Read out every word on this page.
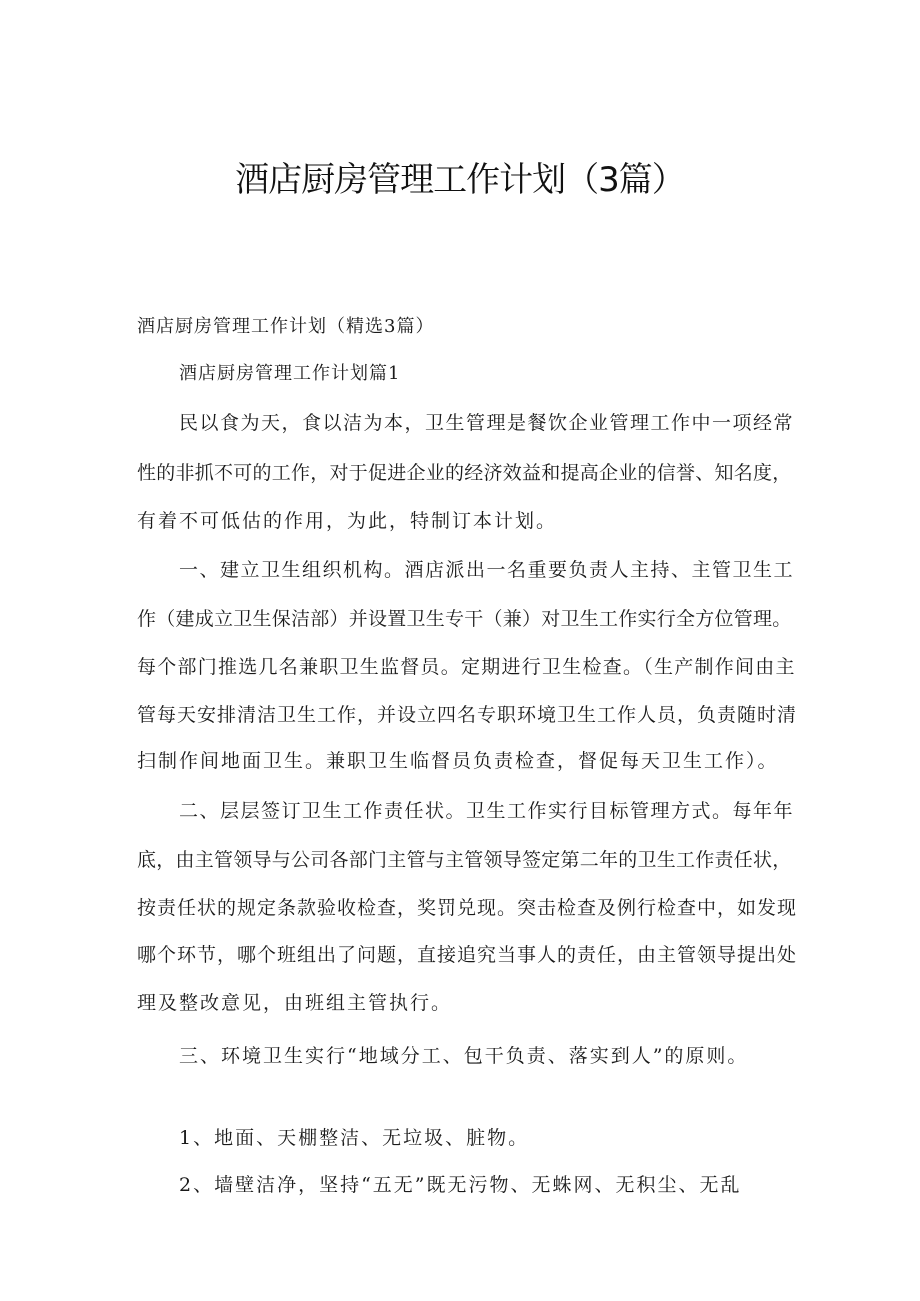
酒店厨房管理工作计划（3篇）
酒店厨房管理工作计划（精选3篇）
酒店厨房管理工作计划篇1
民以食为天，食以洁为本，卫生管理是餐饮企业管理工作中一项经常
性的非抓不可的工作，对于促进企业的经济效益和提高企业的信誉、知名度，
有着不可低估的作用，为此，特制订本计划。
一、建立卫生组织机构。酒店派出一名重要负责人主持、主管卫生工
作（建成立卫生保洁部）并设置卫生专干（兼）对卫生工作实行全方位管理。
每个部门推选几名兼职卫生监督员。定期进行卫生检查。（生产制作间由主
管每天安排清洁卫生工作，并设立四名专职环境卫生工作人员，负责随时清
扫制作间地面卫生。兼职卫生临督员负责检查，督促每天卫生工作）。
二、层层签订卫生工作责任状。卫生工作实行目标管理方式。每年年
底，由主管领导与公司各部门主管与主管领导签定第二年的卫生工作责任状，
按责任状的规定条款验收检查，奖罚兑现。突击检查及例行检查中，如发现
哪个环节，哪个班组出了问题，直接追究当事人的责任，由主管领导提出处
理及整改意见，由班组主管执行。
三、环境卫生实行“地域分工、包干负责、落实到人”的原则。
1、地面、天棚整洁、无垃圾、脏物。
2、墙壁洁净，坚持“五无”既无污物、无蛛网、无积尘、无乱
